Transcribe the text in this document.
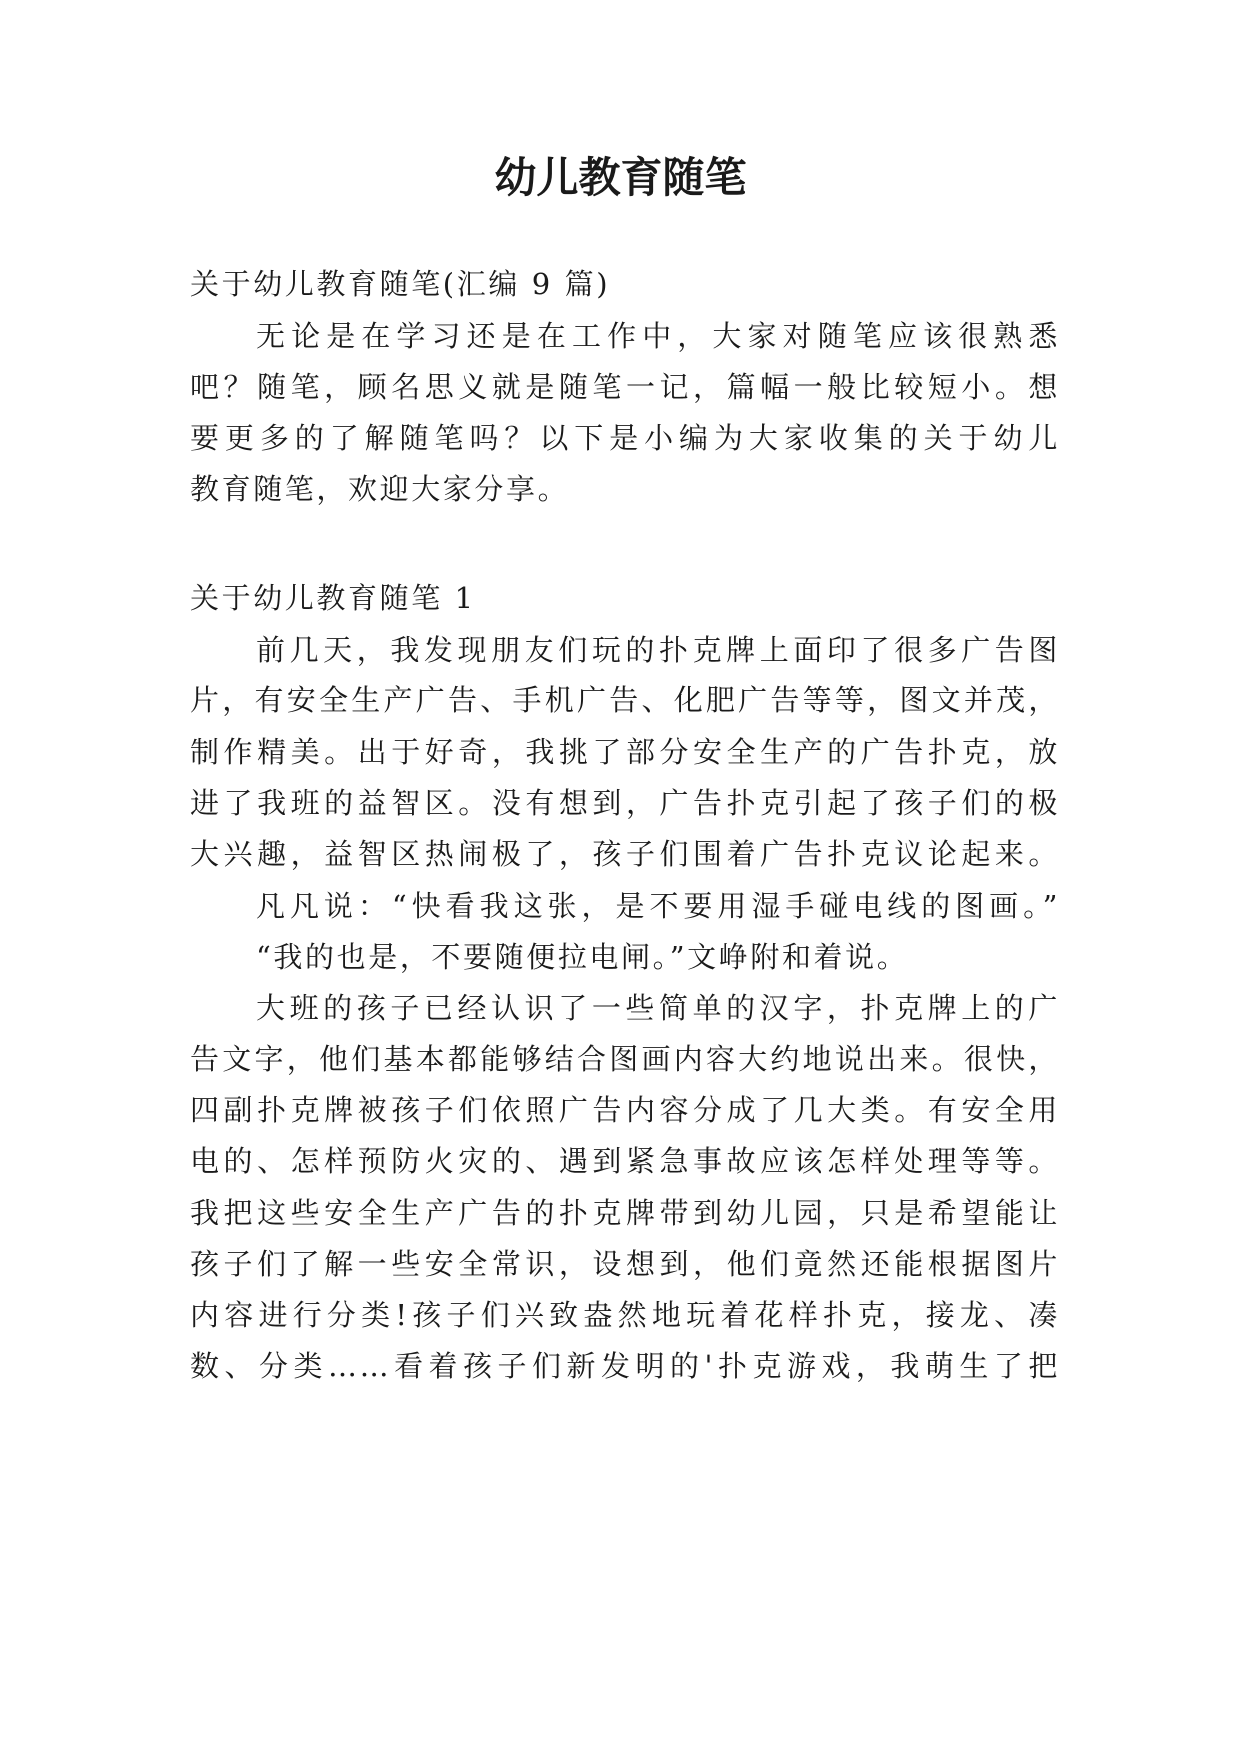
幼儿教育随笔
关于幼儿教育随笔(汇编 9 篇)
无论是在学习还是在工作中，大家对随笔应该很熟悉
吧？随笔，顾名思义就是随笔一记，篇幅一般比较短小。想
要更多的了解随笔吗？以下是小编为大家收集的关于幼儿
教育随笔，欢迎大家分享。
关于幼儿教育随笔 1
前几天，我发现朋友们玩的扑克牌上面印了很多广告图
片，有安全生产广告、手机广告、化肥广告等等，图文并茂，
制作精美。出于好奇，我挑了部分安全生产的广告扑克，放
进了我班的益智区。没有想到，广告扑克引起了孩子们的极
大兴趣，益智区热闹极了，孩子们围着广告扑克议论起来。
凡凡说：“快看我这张，是不要用湿手碰电线的图画。”
“我的也是，不要随便拉电闸。”文峥附和着说。
大班的孩子已经认识了一些简单的汉字，扑克牌上的广
告文字，他们基本都能够结合图画内容大约地说出来。很快，
四副扑克牌被孩子们依照广告内容分成了几大类。有安全用
电的、怎样预防火灾的、遇到紧急事故应该怎样处理等等。
我把这些安全生产广告的扑克牌带到幼儿园，只是希望能让
孩子们了解一些安全常识，设想到，他们竟然还能根据图片
内容进行分类!孩子们兴致盎然地玩着花样扑克，接龙、凑
数、分类……看着孩子们新发明的'扑克游戏，我萌生了把
